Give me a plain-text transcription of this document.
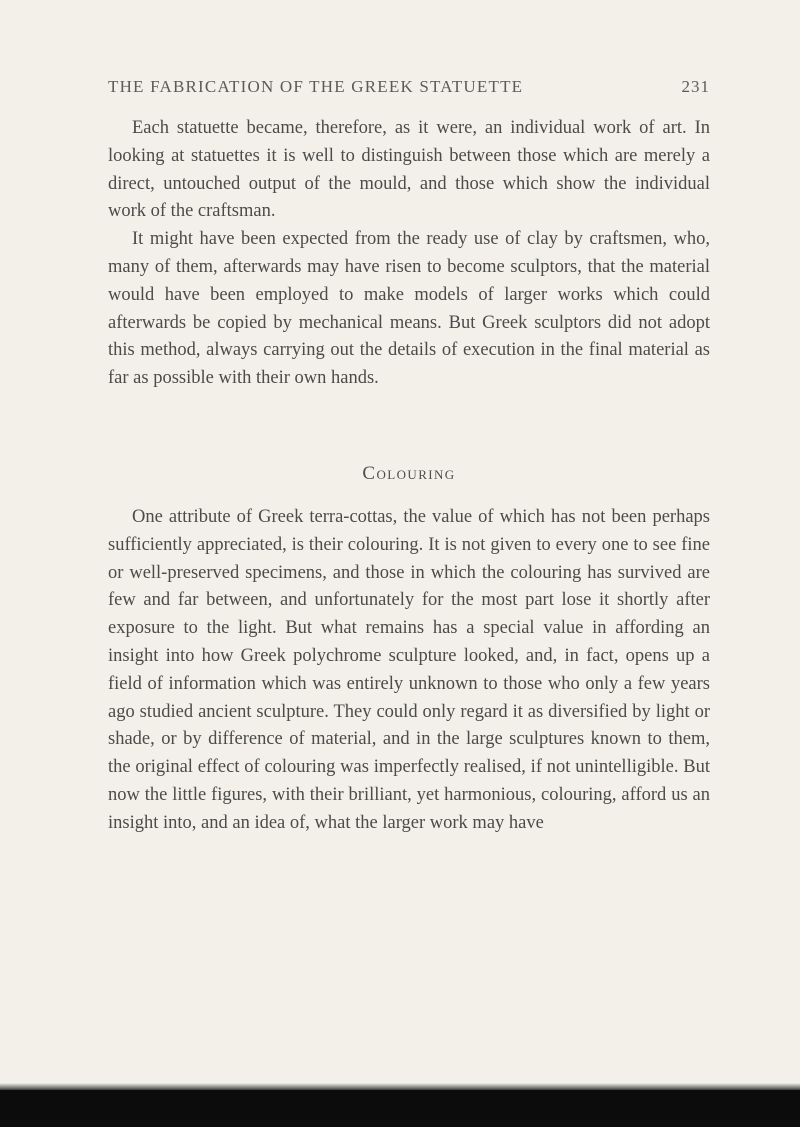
THE FABRICATION OF THE GREEK STATUETTE	231

Each statuette became, therefore, as it were, an individual work of art. In looking at statuettes it is well to distinguish between those which are merely a direct, untouched output of the mould, and those which show the individual work of the craftsman.

It might have been expected from the ready use of clay by craftsmen, who, many of them, afterwards may have risen to become sculptors, that the material would have been employed to make models of larger works which could afterwards be copied by mechanical means. But Greek sculptors did not adopt this method, always carrying out the details of execution in the final material as far as possible with their own hands.

Colouring

One attribute of Greek terra-cottas, the value of which has not been perhaps sufficiently appreciated, is their colouring. It is not given to every one to see fine or well-preserved specimens, and those in which the colouring has survived are few and far between, and unfortunately for the most part lose it shortly after exposure to the light. But what remains has a special value in affording an insight into how Greek polychrome sculpture looked, and, in fact, opens up a field of information which was entirely unknown to those who only a few years ago studied ancient sculpture. They could only regard it as diversified by light or shade, or by difference of material, and in the large sculptures known to them, the original effect of colouring was imperfectly realised, if not unintelligible. But now the little figures, with their brilliant, yet harmonious, colouring, afford us an insight into, and an idea of, what the larger work may have
